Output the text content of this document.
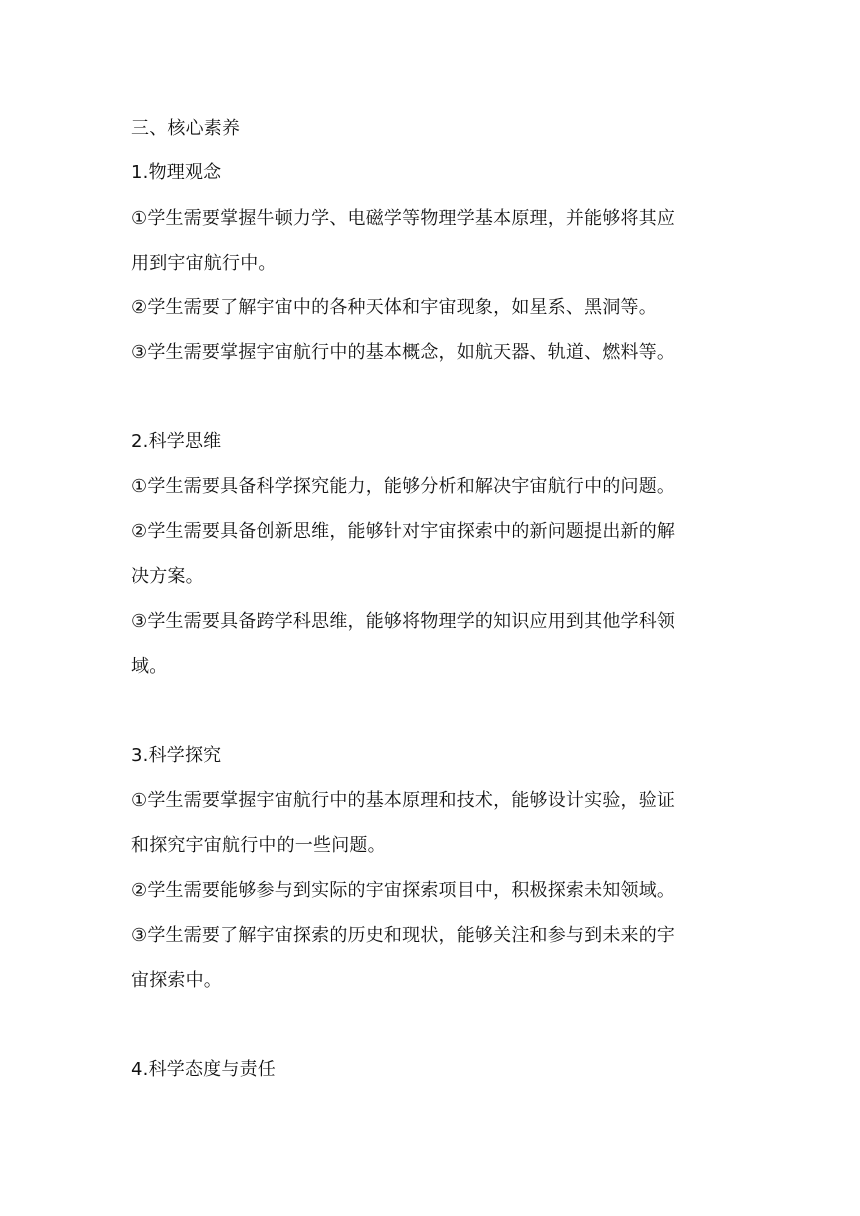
三、核心素养
1.物理观念
①学生需要掌握牛顿力学、电磁学等物理学基本原理，并能够将其应
用到宇宙航行中。
②学生需要了解宇宙中的各种天体和宇宙现象，如星系、黑洞等。
③学生需要掌握宇宙航行中的基本概念，如航天器、轨道、燃料等。
2.科学思维
①学生需要具备科学探究能力，能够分析和解决宇宙航行中的问题。
②学生需要具备创新思维，能够针对宇宙探索中的新问题提出新的解
决方案。
③学生需要具备跨学科思维，能够将物理学的知识应用到其他学科领
域。
3.科学探究
①学生需要掌握宇宙航行中的基本原理和技术，能够设计实验，验证
和探究宇宙航行中的一些问题。
②学生需要能够参与到实际的宇宙探索项目中，积极探索未知领域。
③学生需要了解宇宙探索的历史和现状，能够关注和参与到未来的宇
宙探索中。
4.科学态度与责任
